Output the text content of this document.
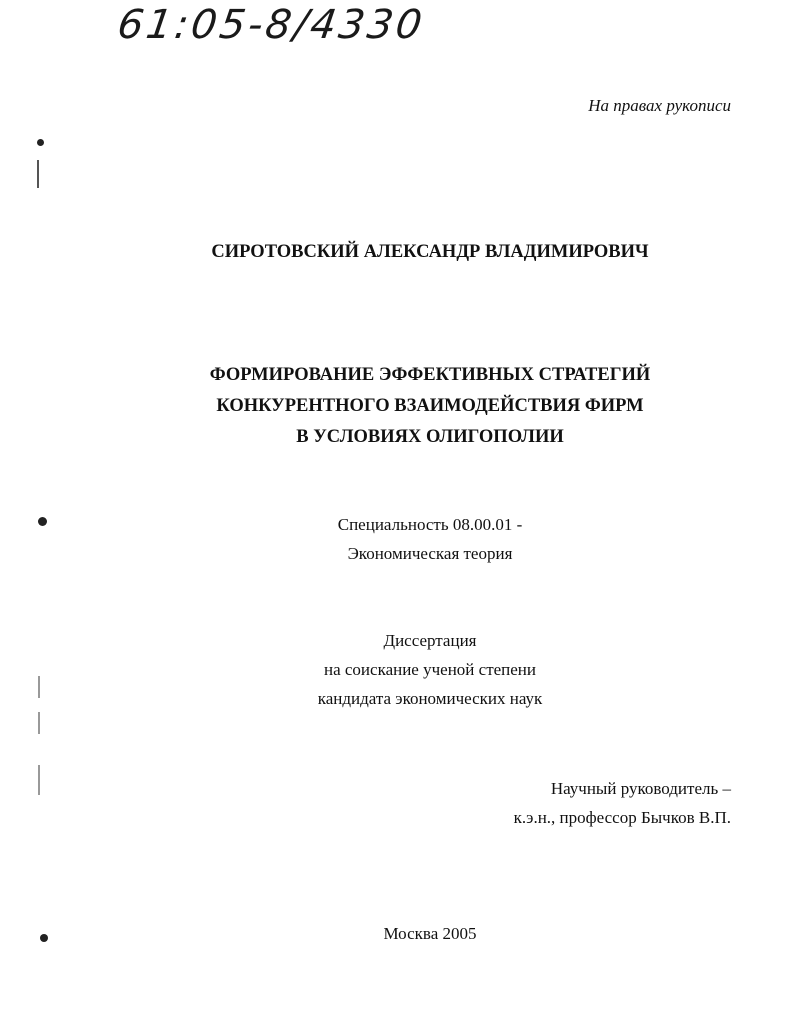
61:05-8/4330
На правах рукописи
СИРОТОВСКИЙ АЛЕКСАНДР ВЛАДИМИРОВИЧ
ФОРМИРОВАНИЕ ЭФФЕКТИВНЫХ СТРАТЕГИЙ
КОНКУРЕНТНОГО ВЗАИМОДЕЙСТВИЯ ФИРМ
В УСЛОВИЯХ ОЛИГОПОЛИИ
Специальность 08.00.01 -
Экономическая теория
Диссертация
на соискание ученой степени
кандидата экономических наук
Научный руководитель –
к.э.н., профессор Бычков В.П.
Москва 2005
